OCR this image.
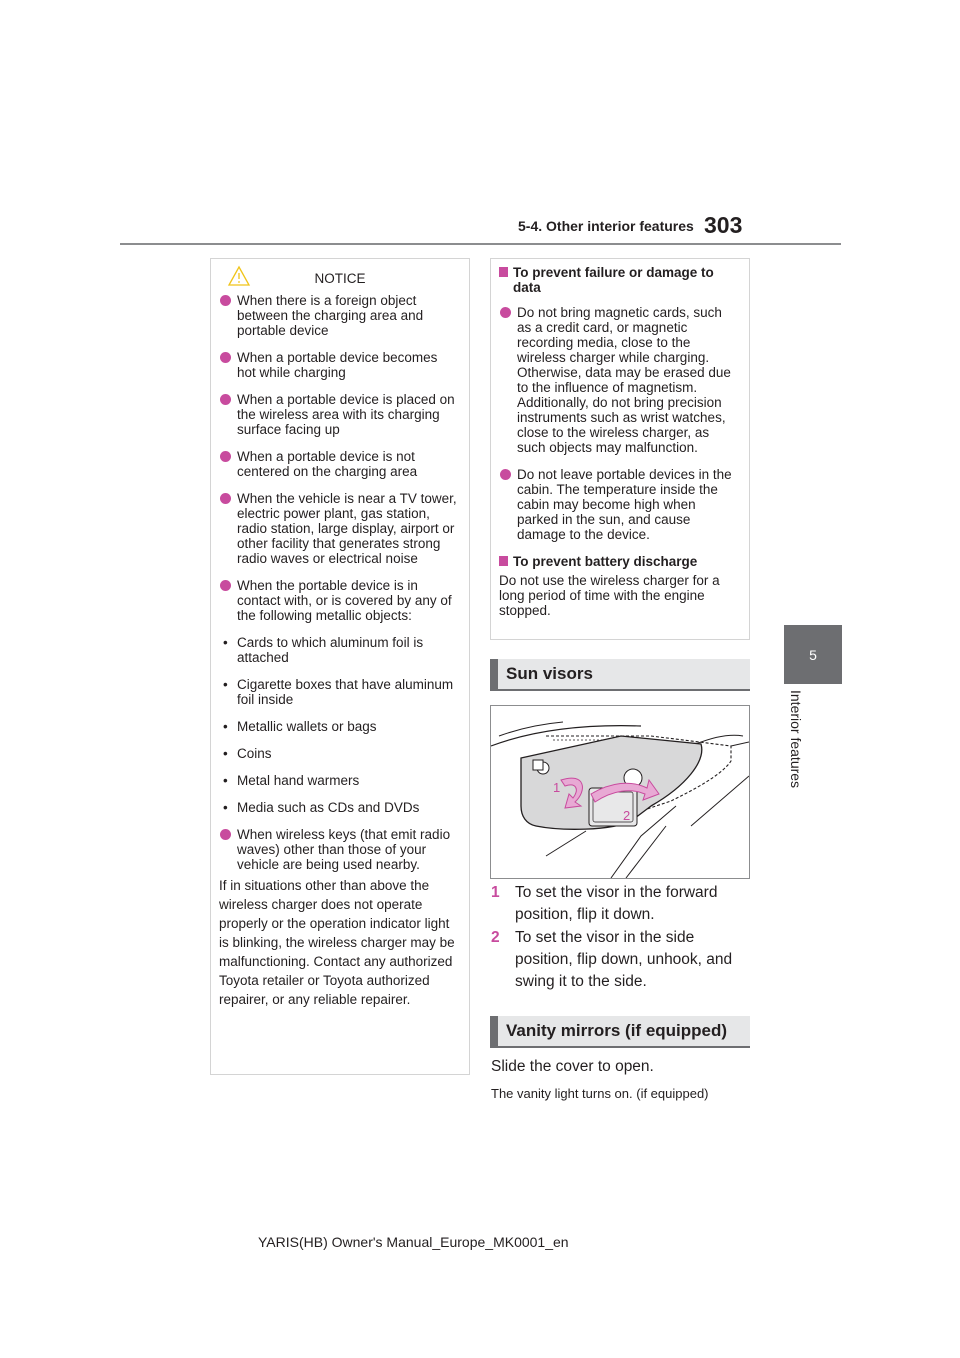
5-4. Other interior features 303
5
Interior features
NOTICE
When there is a foreign object between the charging area and portable device
When a portable device becomes hot while charging
When a portable device is placed on the wireless area with its charging surface facing up
When a portable device is not centered on the charging area
When the vehicle is near a TV tower, electric power plant, gas station, radio station, large display, airport or other facility that generates strong radio waves or electrical noise
When the portable device is in contact with, or is covered by any of the following metallic objects:
• Cards to which aluminum foil is attached
• Cigarette boxes that have aluminum foil inside
• Metallic wallets or bags
• Coins
• Metal hand warmers
• Media such as CDs and DVDs
When wireless keys (that emit radio waves) other than those of your vehicle are being used nearby.
If in situations other than above the wireless charger does not operate properly or the operation indicator light is blinking, the wireless charger may be malfunctioning. Contact any authorized Toyota retailer or Toyota authorized repairer, or any reliable repairer.
To prevent failure or damage to data
Do not bring magnetic cards, such as a credit card, or magnetic recording media, close to the wireless charger while charging. Otherwise, data may be erased due to the influence of magnetism. Additionally, do not bring precision instruments such as wrist watches, close to the wireless charger, as such objects may malfunction.
Do not leave portable devices in the cabin. The temperature inside the cabin may become high when parked in the sun, and cause damage to the device.
To prevent battery discharge
Do not use the wireless charger for a long period of time with the engine stopped.
Sun visors
1
2
1 To set the visor in the forward position, flip it down.
2 To set the visor in the side position, flip down, unhook, and swing it to the side.
Vanity mirrors (if equipped)
Slide the cover to open.
The vanity light turns on. (if equipped)
YARIS(HB) Owner's Manual_Europe_MK0001_en
